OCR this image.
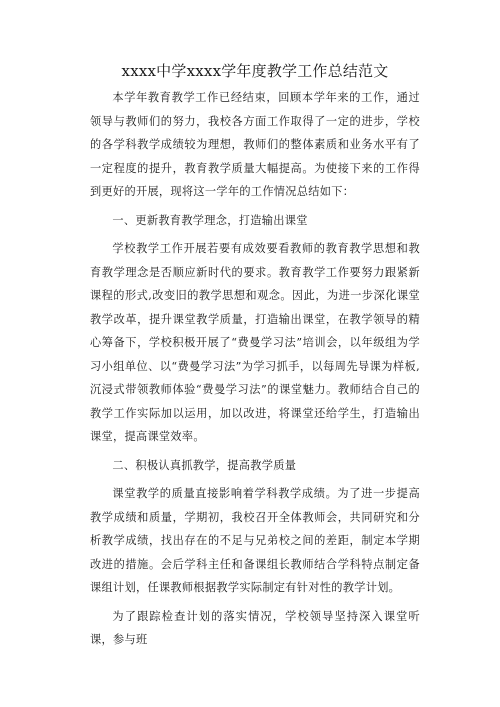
xxxx中学xxxx学年度教学工作总结范文

本学年教育教学工作已经结束，回顾本学年来的工作，通过领导与教师们的努力，我校各方面工作取得了一定的进步，学校的各学科教学成绩较为理想，教师们的整体素质和业务水平有了一定程度的提升，教育教学质量大幅提高。为使接下来的工作得到更好的开展，现将这一学年的工作情况总结如下：

一、更新教育教学理念，打造输出课堂

学校教学工作开展若要有成效要看教师的教育教学思想和教育教学理念是否顺应新时代的要求。教育教学工作要努力跟紧新课程的形式,改变旧的教学思想和观念。因此，为进一步深化课堂教学改革，提升课堂教学质量，打造输出课堂，在教学领导的精心筹备下，学校积极开展了“费曼学习法”培训会，以年级组为学习小组单位、以“费曼学习法”为学习抓手，以每周先导课为样板,沉浸式带领教师体验“费曼学习法”的课堂魅力。教师结合自己的教学工作实际加以运用，加以改进，将课堂还给学生，打造输出课堂，提高课堂效率。

二、积极认真抓教学，提高教学质量

课堂教学的质量直接影响着学科教学成绩。为了进一步提高教学成绩和质量，学期初，我校召开全体教师会，共同研究和分析教学成绩，找出存在的不足与兄弟校之间的差距，制定本学期改进的措施。会后学科主任和备课组长教师结合学科特点制定备课组计划，任课教师根据教学实际制定有针对性的教学计划。

为了跟踪检查计划的落实情况，学校领导坚持深入课堂听课，参与班
